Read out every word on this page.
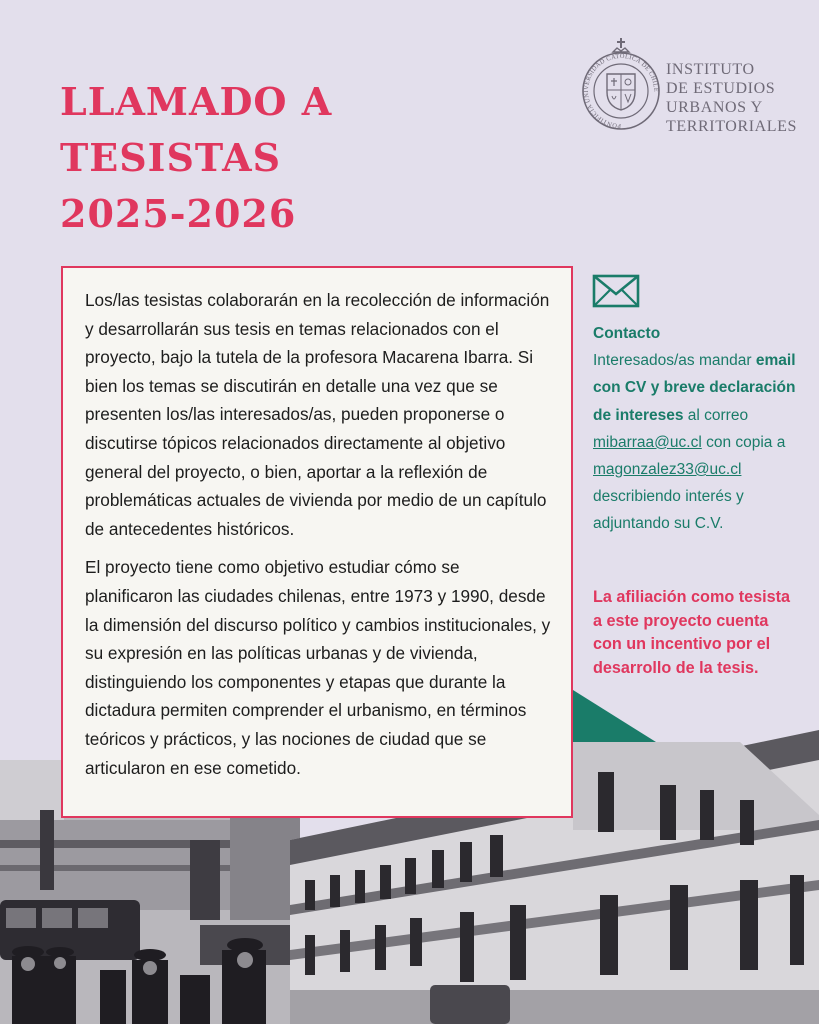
LLAMADO A
TESISTAS
2025-2026
PONTIFICIA UNIVERSIDAD CATÓLICA DE CHILE
INSTITUTO
DE ESTUDIOS
URBANOS Y
TERRITORIALES

Los/las tesistas colaborarán en la recolección de información y desarrollarán sus tesis en temas relacionados con el proyecto, bajo la tutela de la profesora Macarena Ibarra. Si bien los temas se discutirán en detalle una vez que se presenten los/las interesados/as, pueden proponerse o discutirse tópicos relacionados directamente al objetivo general del proyecto, o bien, aportar a la reflexión de problemáticas actuales de vivienda por medio de un capítulo de antecedentes históricos.

El proyecto tiene como objetivo estudiar cómo se planificaron las ciudades chilenas, entre 1973 y 1990, desde la dimensión del discurso político y cambios institucionales, y su expresión en las políticas urbanas y de vivienda, distinguiendo los componentes y etapas que durante la dictadura permiten comprender el urbanismo, en términos teóricos y prácticos, y las nociones de ciudad que se articularon en ese cometido.

Contacto
Interesados/as mandar email con CV y breve declaración de intereses al correo mibarraa@uc.cl con copia a magonzalez33@uc.cl describiendo interés y adjuntando su C.V.
La afiliación como tesista a este proyecto cuenta con un incentivo por el desarrollo de la tesis.
